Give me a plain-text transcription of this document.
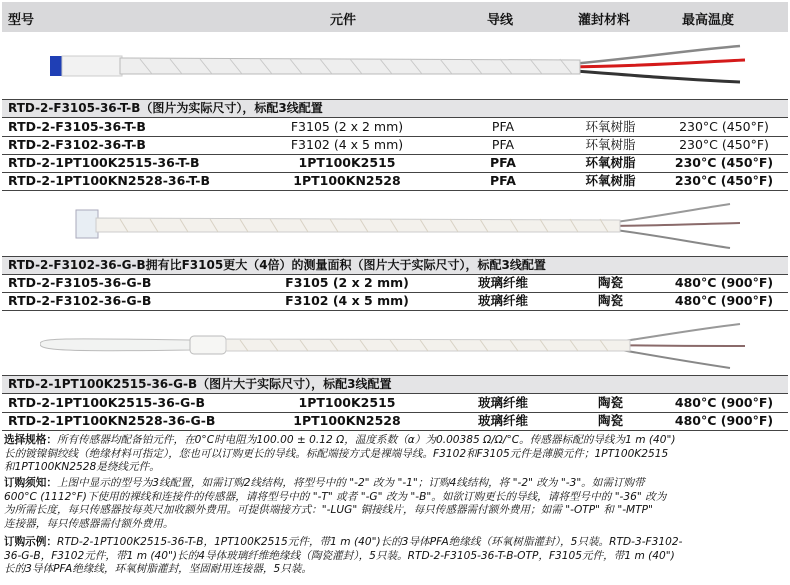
型号	元件	导线	灌封材料	最高温度
RTD-2-F3105-36-T-B（图片为实际尺寸），标配3线配置
RTD-2-F3105-36-T-B	F3105 (2 x 2 mm)	PFA	环氧树脂	230°C (450°F)
RTD-2-F3102-36-T-B	F3102 (4 x 5 mm)	PFA	环氧树脂	230°C (450°F)
RTD-2-1PT100K2515-36-T-B	1PT100K2515	PFA	环氧树脂	230°C (450°F)
RTD-2-1PT100KN2528-36-T-B	1PT100KN2528	PFA	环氧树脂	230°C (450°F)
RTD-2-F3102-36-G-B拥有比F3105更大（4倍）的测量面积（图片大于实际尺寸），标配3线配置
RTD-2-F3105-36-G-B	F3105 (2 x 2 mm)	玻璃纤维	陶瓷	480°C (900°F)
RTD-2-F3102-36-G-B	F3102 (4 x 5 mm)	玻璃纤维	陶瓷	480°C (900°F)
RTD-2-1PT100K2515-36-G-B（图片大于实际尺寸），标配3线配置
RTD-2-1PT100K2515-36-G-B	1PT100K2515	玻璃纤维	陶瓷	480°C (900°F)
RTD-2-1PT100KN2528-36-G-B	1PT100KN2528	玻璃纤维	陶瓷	480°C (900°F)
选择规格：所有传感器均配备铂元件，在0°C时电阻为100.00 ± 0.12 Ω，温度系数（α）为0.00385 Ω/Ω/°C。传感器标配的导线为1 m (40")
长的镀镍铜绞线（绝缘材料可指定），您也可以订购更长的导线。标配端接方式是裸端导线。F3102和F3105元件是薄膜元件；1PT100K2515
和1PT100KN2528是绕线元件。
订购须知：上图中显示的型号为3线配置，如需订购2线结构，将型号中的 "-2" 改为 "-1"；订购4线结构，将 "-2" 改为 "-3"。如需订购带
600°C (1112°F)下使用的裸线和连接件的传感器，请将型号中的 "-T" 或者 "-G" 改为 "-B"。如欲订购更长的导线，请将型号中的 "-36" 改为
为所需长度，每只传感器按每英尺加收额外费用。可提供端接方式："-LUG" 铜接线片，每只传感器需付额外费用；如需 "-OTP" 和 "-MTP"
连接器，每只传感器需付额外费用。
订购示例：RTD-2-1PT100K2515-36-T-B，1PT100K2515元件，带1 m (40")长的3导体PFA绝缘线（环氧树脂灌封），5只装。RTD-3-F3102-
36-G-B，F3102元件，带1 m (40")长的4导体玻璃纤维绝缘线（陶瓷灌封），5只装。RTD-2-F3105-36-T-B-OTP，F3105元件，带1 m (40")
长的3导体PFA绝缘线，环氧树脂灌封，坚固耐用连接器，5只装。
